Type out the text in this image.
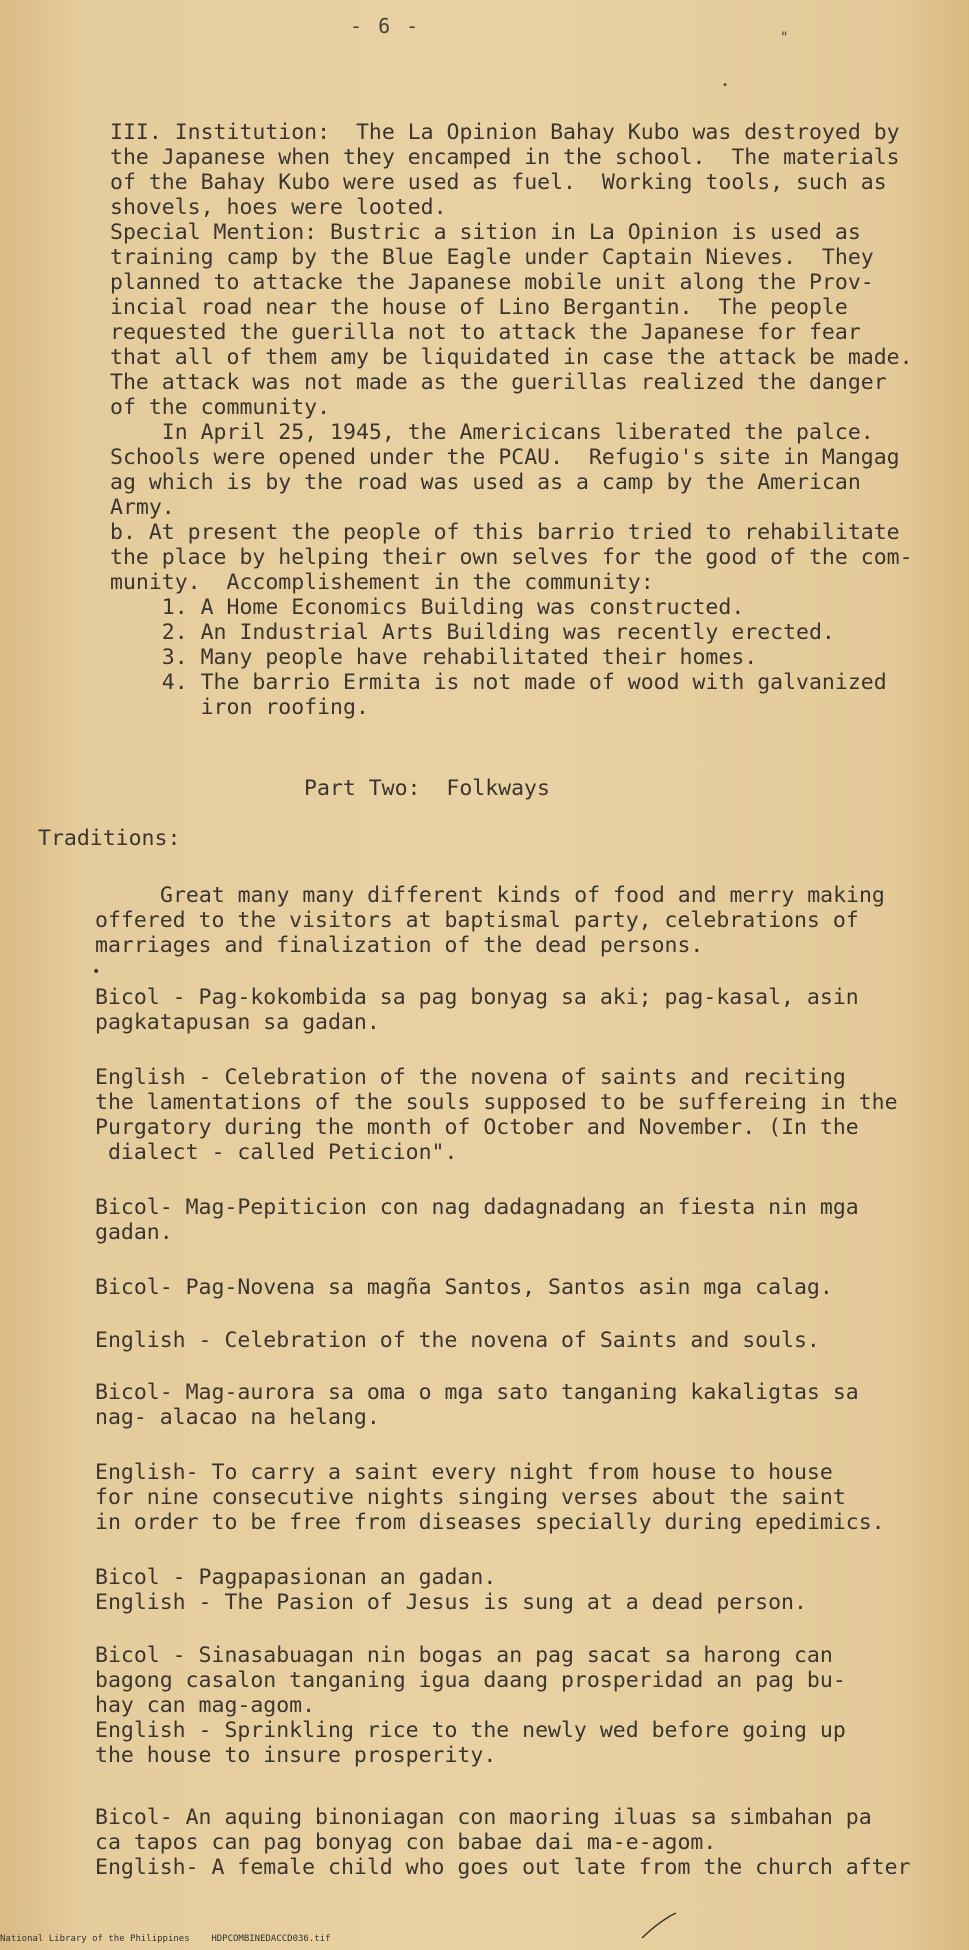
- 6 -	"
•
III. Institution:  The La Opinion Bahay Kubo was destroyed by
the Japanese when they encamped in the school.  The materials
of the Bahay Kubo were used as fuel.  Working tools, such as
shovels, hoes were looted.
Special Mention: Bustric a sition in La Opinion is used as
training camp by the Blue Eagle under Captain Nieves.  They
planned to attacke the Japanese mobile unit along the Prov-
incial road near the house of Lino Bergantin.  The people
requested the guerilla not to attack the Japanese for fear
that all of them amy be liquidated in case the attack be made.
The attack was not made as the guerillas realized the danger
of the community.
In April 25, 1945, the Americicans liberated the palce.
Schools were opened under the PCAU.  Refugio's site in Mangag
ag which is by the road was used as a camp by the American
Army.
b. At present the people of this barrio tried to rehabilitate
the place by helping their own selves for the good of the com-
munity.  Accomplishement in the community:
1. A Home Economics Building was constructed.
2. An Industrial Arts Building was recently erected.
3. Many people have rehabilitated their homes.
4. The barrio Ermita is not made of wood with galvanized
iron roofing.

Part Two:  Folkways
Traditions:
Great many many different kinds of food and merry making
offered to the visitors at baptismal party, celebrations of
marriages and finalization of the dead persons.
•
Bicol - Pag-kokombida sa pag bonyag sa aki; pag-kasal, asin
pagkatapusan sa gadan.
English - Celebration of the novena of saints and reciting
the lamentations of the souls supposed to be suffereing in the
Purgatory during the month of October and November. (In the
dialect - called Peticion".
Bicol- Mag-Pepiticion con nag dadagnadang an fiesta nin mga
gadan.
Bicol- Pag-Novena sa magña Santos, Santos asin mga calag.
English - Celebration of the novena of Saints and souls.
Bicol- Mag-aurora sa oma o mga sato tanganing kakaligtas sa
nag- alacao na helang.
English- To carry a saint every night from house to house
for nine consecutive nights singing verses about the saint
in order to be free from diseases specially during epedimics.
Bicol - Pagpapasionan an gadan.
English - The Pasion of Jesus is sung at a dead person.
Bicol - Sinasabuagan nin bogas an pag sacat sa harong can
bagong casalon tanganing igua daang prosperidad an pag bu-
hay can mag-agom.
English - Sprinkling rice to the newly wed before going up
the house to insure prosperity.
Bicol- An aquing binoniagan con maoring iluas sa simbahan pa
ca tapos can pag bonyag con babae dai ma-e-agom.
English- A female child who goes out late from the church after
National Library of the Philippines    HDPCOMBINEDACCD036.tif
